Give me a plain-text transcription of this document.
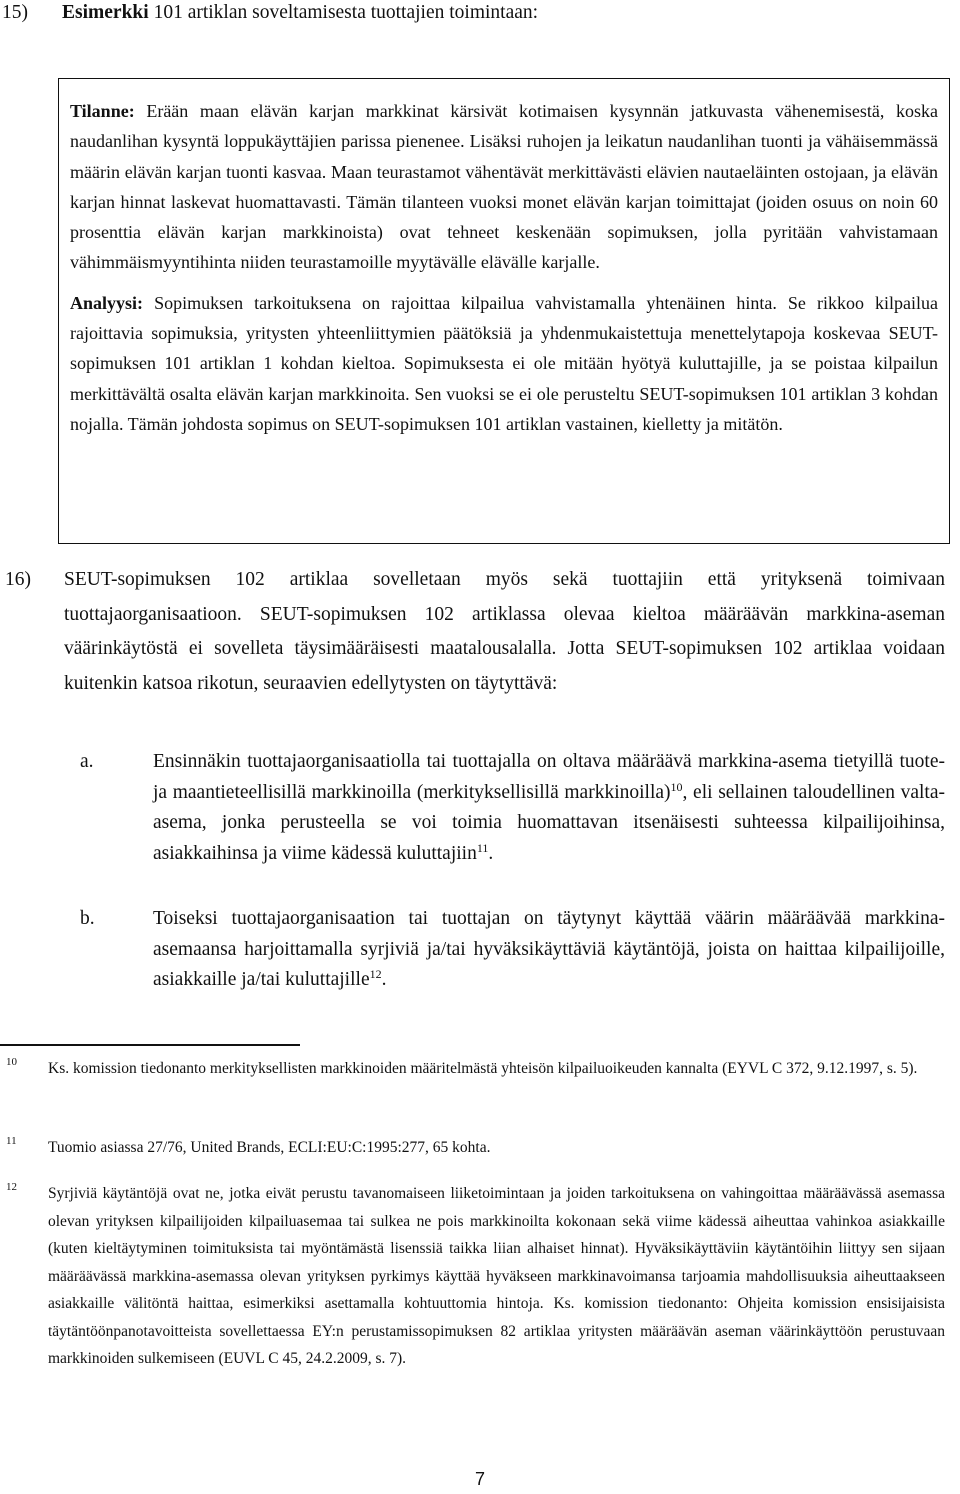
15) Esimerkki 101 artiklan soveltamisesta tuottajien toimintaan:

Tilanne: Erään maan elävän karjan markkinat kärsivät kotimaisen kysynnän jatkuvasta vähenemisestä, koska naudanlihan kysyntä loppukäyttäjien parissa pienenee. Lisäksi ruhojen ja leikatun naudanlihan tuonti ja vähäisemmässä määrin elävän karjan tuonti kasvaa. Maan teurastamot vähentävät merkittävästi elävien nautaeläinten ostojaan, ja elävän karjan hinnat laskevat huomattavasti. Tämän tilanteen vuoksi monet elävän karjan toimittajat (joiden osuus on noin 60 prosenttia elävän karjan markkinoista) ovat tehneet keskenään sopimuksen, jolla pyritään vahvistamaan vähimmäismyyntihinta niiden teurastamoille myytävälle elävälle karjalle.

Analyysi: Sopimuksen tarkoituksena on rajoittaa kilpailua vahvistamalla yhtenäinen hinta. Se rikkoo kilpailua rajoittavia sopimuksia, yritysten yhteenliittymien päätöksiä ja yhdenmukaistettuja menettelytapoja koskevaa SEUT-sopimuksen 101 artiklan 1 kohdan kieltoa. Sopimuksesta ei ole mitään hyötyä kuluttajille, ja se poistaa kilpailun merkittävältä osalta elävän karjan markkinoita. Sen vuoksi se ei ole perusteltu SEUT-sopimuksen 101 artiklan 3 kohdan nojalla. Tämän johdosta sopimus on SEUT-sopimuksen 101 artiklan vastainen, kielletty ja mitätön.

16) SEUT-sopimuksen 102 artiklaa sovelletaan myös sekä tuottajiin että yrityksenä toimivaan tuottajaorganisaatioon. SEUT-sopimuksen 102 artiklassa olevaa kieltoa määräävän markkina-aseman väärinkäytöstä ei sovelleta täysimääräisesti maatalousalalla. Jotta SEUT-sopimuksen 102 artiklaa voidaan kuitenkin katsoa rikotun, seuraavien edellytysten on täytyttävä:
a.	Ensinnäkin tuottajaorganisaatiolla tai tuottajalla on oltava määräävä markkina-asema tietyillä tuote- ja maantieteellisillä markkinoilla (merkityksellisillä markkinoilla)$^{10}$, eli sellainen taloudellinen valta-asema, jonka perusteella se voi toimia huomattavan itsenäisesti suhteessa kilpailijoihinsa, asiakkaihinsa ja viime kädessä kuluttajiin$^{11}$.
b.	Toiseksi tuottajaorganisaation tai tuottajan on täytynyt käyttää väärin määräävää markkina-asemaansa harjoittamalla syrjiviä ja/tai hyväksikäyttäviä käytäntöjä, joista on haittaa kilpailijoille, asiakkaille ja/tai kuluttajille$^{12}$.
10 Ks. komission tiedonanto merkityksellisten markkinoiden määritelmästä yhteisön kilpailuoikeuden kannalta (EYVL C 372, 9.12.1997, s. 5).
11 Tuomio asiassa 27/76, United Brands, ECLI:EU:C:1995:277, 65 kohta.
12 Syrjiviä käytäntöjä ovat ne, jotka eivät perustu tavanomaiseen liiketoimintaan ja joiden tarkoituksena on vahingoittaa määräävässä asemassa olevan yrityksen kilpailijoiden kilpailuasemaa tai sulkea ne pois markkinoilta kokonaan sekä viime kädessä aiheuttaa vahinkoa asiakkaille (kuten kieltäytyminen toimituksista tai myöntämästä lisenssiä taikka liian alhaiset hinnat). Hyväksikäyttäviin käytäntöihin liittyy sen sijaan määräävässä markkina-asemassa olevan yrityksen pyrkimys käyttää hyväkseen markkinavoimansa tarjoamia mahdollisuuksia aiheuttaakseen asiakkaille välitöntä haittaa, esimerkiksi asettamalla kohtuuttomia hintoja. Ks. komission tiedonanto: Ohjeita komission ensisijaisista täytäntöönpanotavoitteista sovellettaessa EY:n perustamissopimuksen 82 artiklaa yritysten määräävän aseman väärinkäyttöön perustuvaan markkinoiden sulkemiseen (EUVL C 45, 24.2.2009, s. 7).
7
